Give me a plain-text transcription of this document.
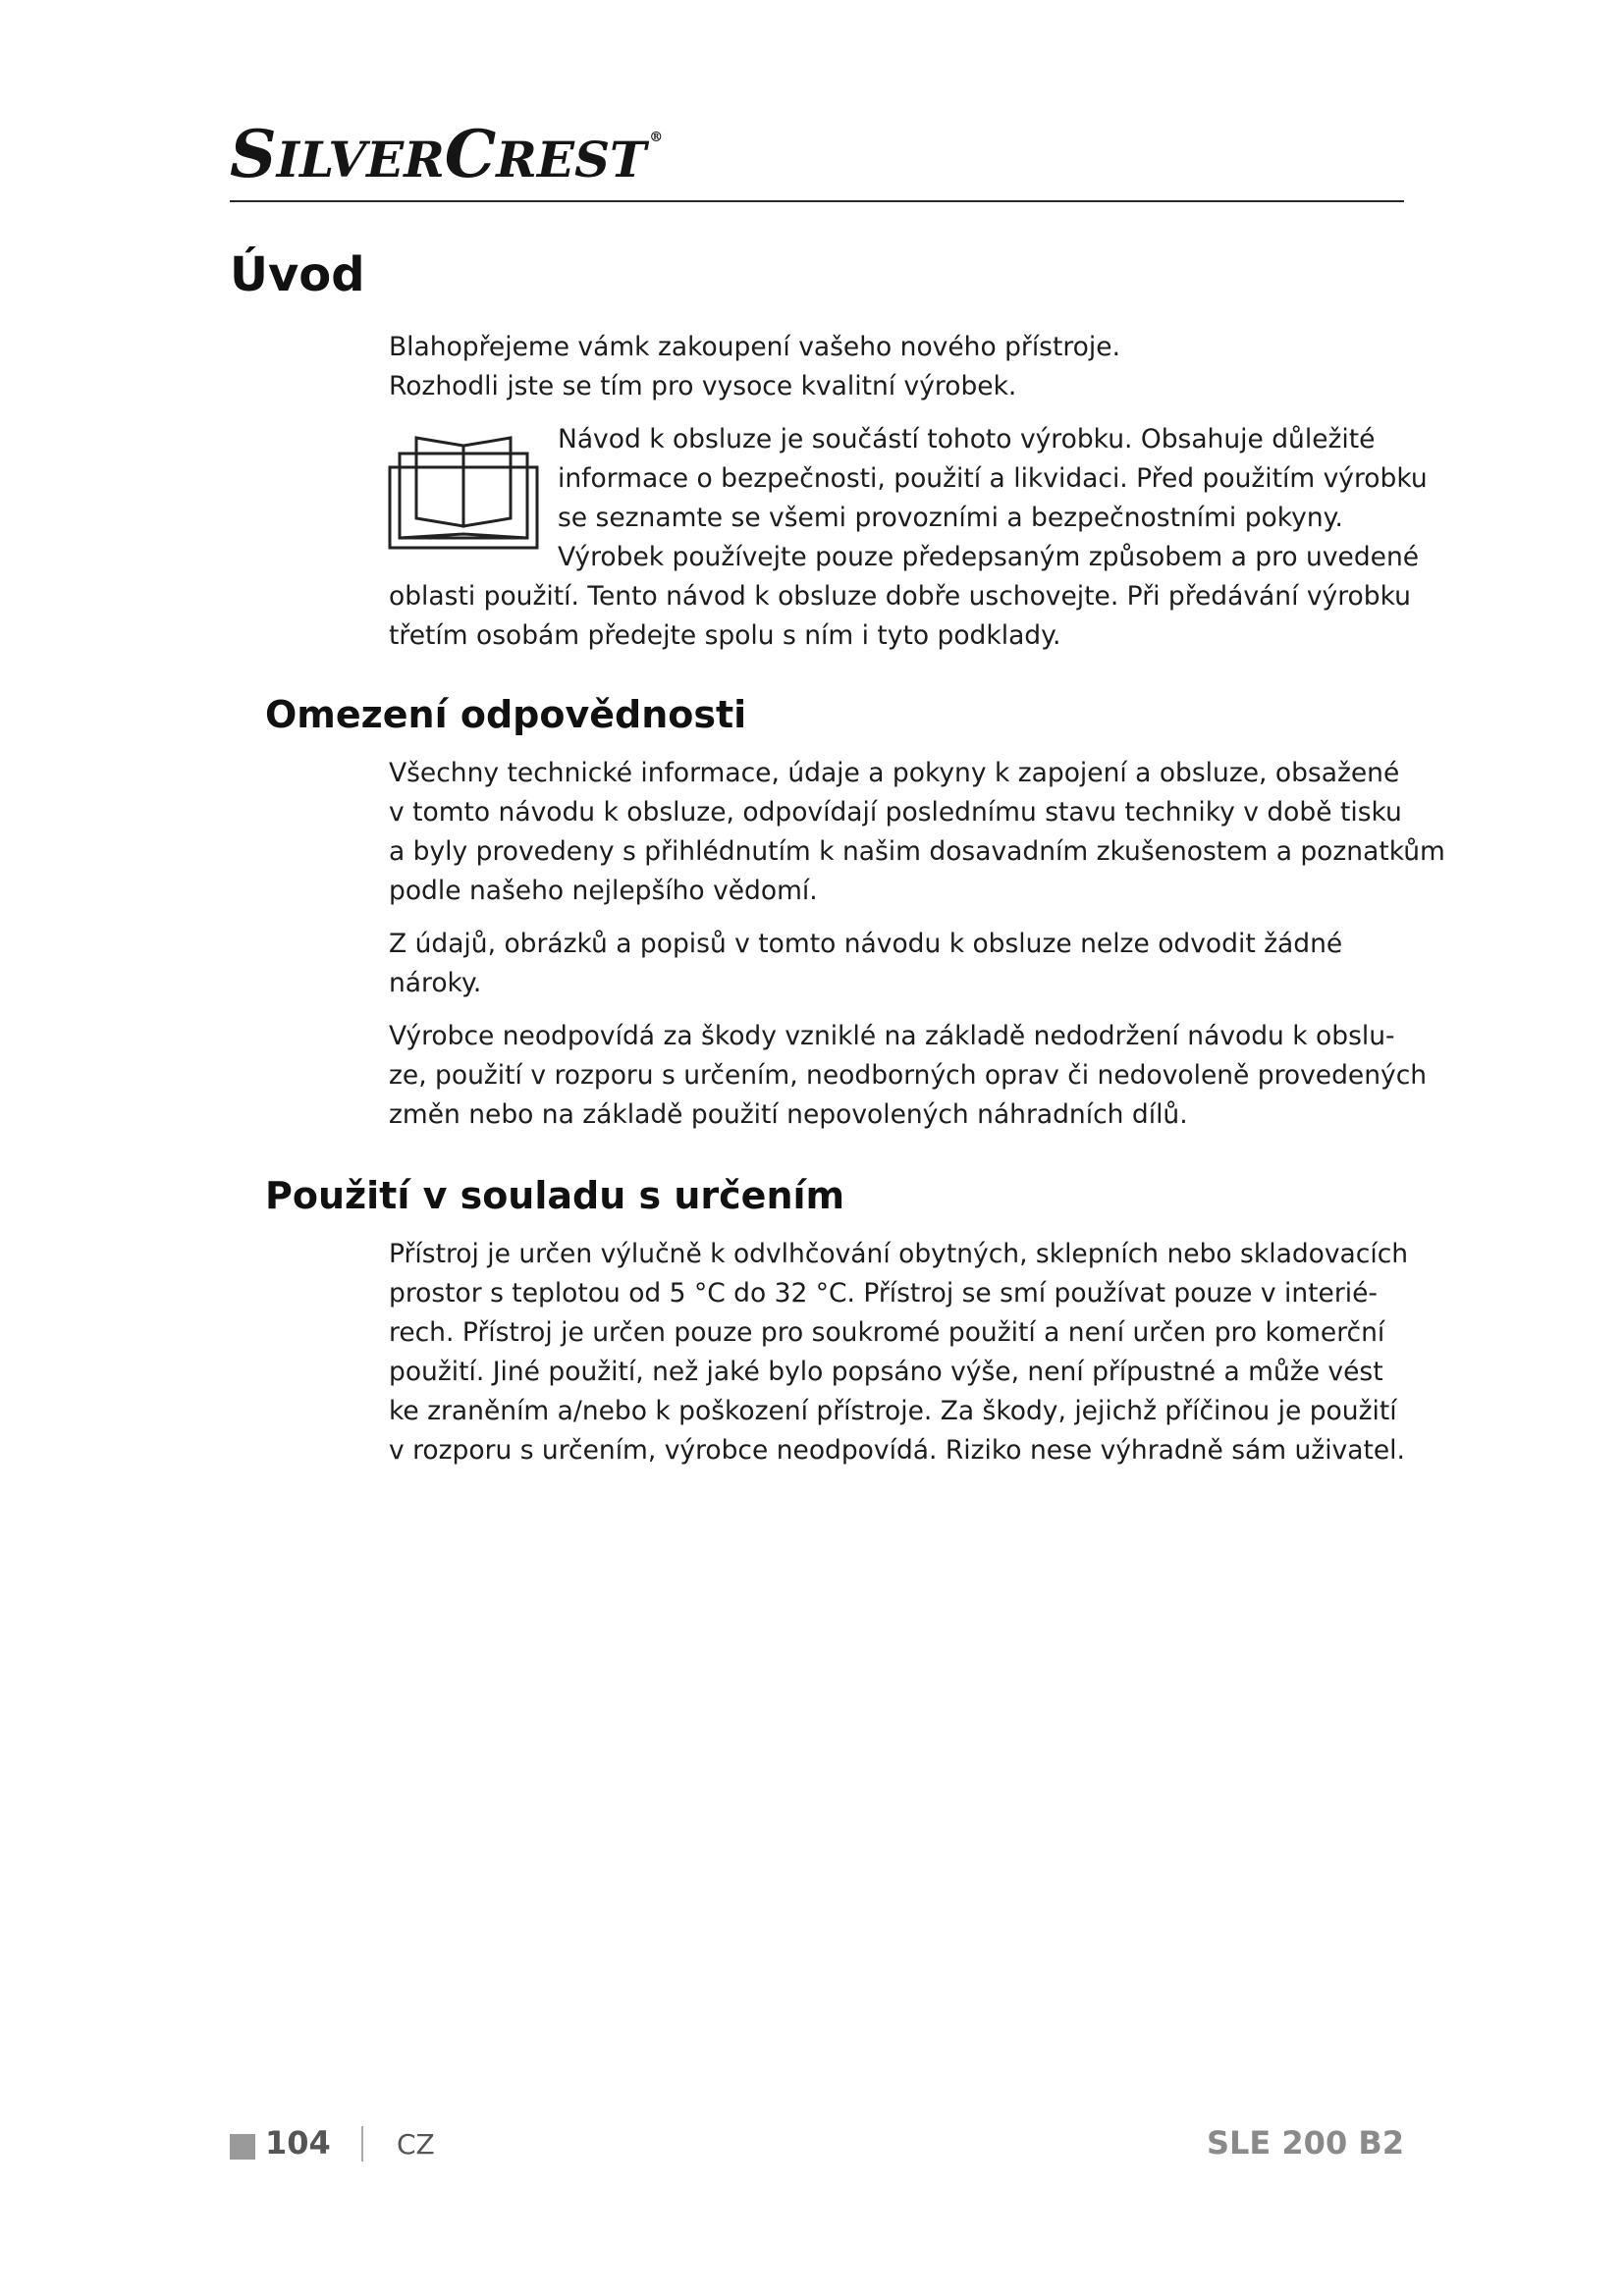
S ILVER C REST ®
Úvod

Blahopřejeme vámk zakoupení vašeho nového přístroje.
Rozhodli jste se tím pro vysoce kvalitní výrobek.

Návod k obsluze je součástí tohoto výrobku. Obsahuje důležité
informace o bezpečnosti, použití a likvidaci. Před použitím výrobku
se seznamte se všemi provozními a bezpečnostními pokyny.
Výrobek používejte pouze předepsaným způsobem a pro uvedené

oblasti použití. Tento návod k obsluze dobře uschovejte. Při předávání výrobku
třetím osobám předejte spolu s ním i tyto podklady.

Omezení odpovědnosti

Všechny technické informace, údaje a pokyny k zapojení a obsluze, obsažené
v tomto návodu k obsluze, odpovídají poslednímu stavu techniky v době tisku
a byly provedeny s přihlédnutím k našim dosavadním zkušenostem a poznatkům
podle našeho nejlepšího vědomí.

Z údajů, obrázků a popisů v tomto návodu k obsluze nelze odvodit žádné
nároky.

Výrobce neodpovídá za škody vzniklé na základě nedodržení návodu k obslu-
ze, použití v rozporu s určením, neodborných oprav či nedovoleně provedených
změn nebo na základě použití nepovolených náhradních dílů.

Použití v souladu s určením

Přístroj je určen výlučně k odvlhčování obytných, sklepních nebo skladovacích
prostor s teplotou od 5 °C do 32 °C. Přístroj se smí používat pouze v interié-
rech. Přístroj je určen pouze pro soukromé použití a není určen pro komerční
použití. Jiné použití, než jaké bylo popsáno výše, není přípustné a může vést
ke zraněním a/nebo k poškození přístroje. Za škody, jejichž příčinou je použití
v rozporu s určením, výrobce neodpovídá. Riziko nese výhradně sám uživatel.

104 CZ	SLE 200 B2
